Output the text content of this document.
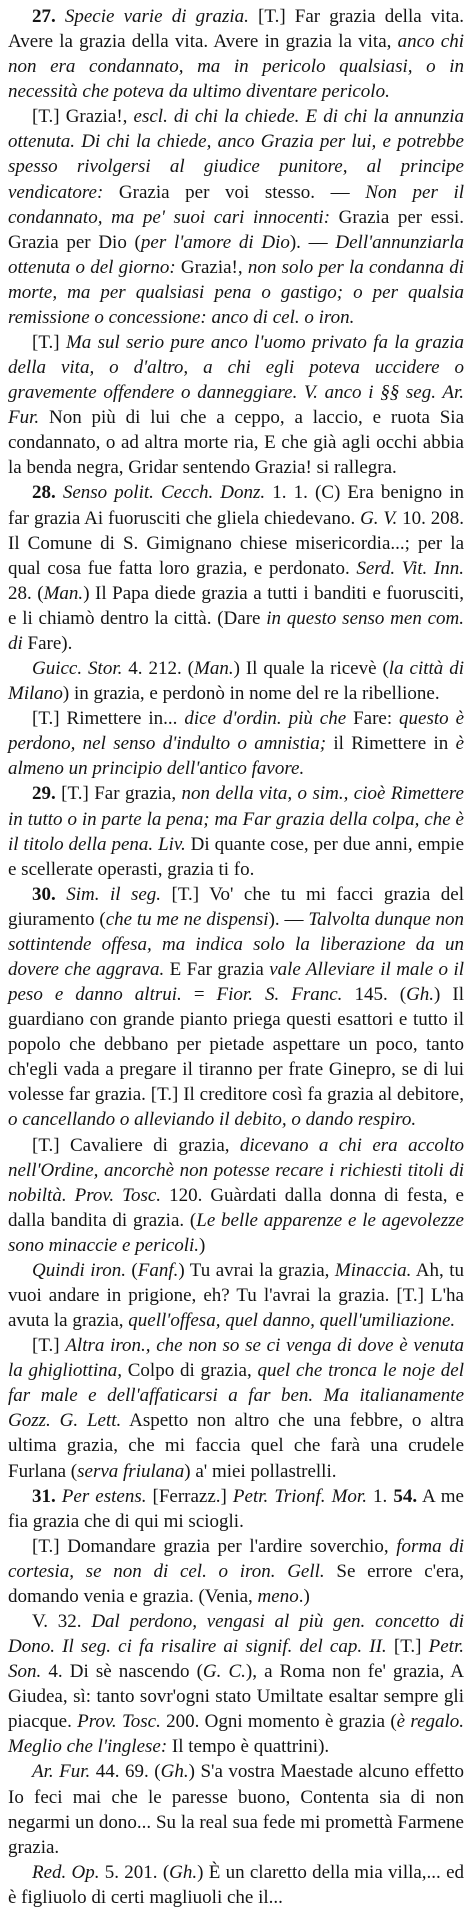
27. Specie varie di grazia. [T.] Far grazia della vita. Avere la grazia della vita. Avere in grazia la vita, anco chi non era condannato, ma in pericolo qualsiasi, o in necessità che poteva da ultimo diventare pericolo.

[T.] Grazia!, escl. di chi la chiede. E di chi la annunzia ottenuta. Di chi la chiede, anco Grazia per lui, e potrebbe spesso rivolgersi al giudice punitore, al principe vendicatore: Grazia per voi stesso. — Non per il condannato, ma pe' suoi cari innocenti: Grazia per essi. Grazia per Dio (per l'amore di Dio). — Dell'annunziarla ottenuta o del giorno: Grazia!, non solo per la condanna di morte, ma per qualsiasi pena o gastigo; o per qualsia remissione o concessione: anco di cel. o iron.

[T.] Ma sul serio pure anco l'uomo privato fa la grazia della vita, o d'altro, a chi egli poteva uccidere o gravemente offendere o danneggiare. V. anco i §§ seg. Ar. Fur. Non più di lui che a ceppo, a laccio, e ruota Sia condannato, o ad altra morte ria, E che già agli occhi abbia la benda negra, Gridar sentendo Grazia! si rallegra.

28. Senso polit. Cecch. Donz. 1. 1. (C) Era benigno in far grazia Ai fuorusciti che gliela chiedevano. G. V. 10. 208. Il Comune di S. Gimignano chiese misericordia...; per la qual cosa fue fatta loro grazia, e perdonato. Serd. Vit. Inn. 28. (Man.) Il Papa diede grazia a tutti i banditi e fuorusciti, e li chiamò dentro la città. (Dare in questo senso men com. di Fare).

Guicc. Stor. 4. 212. (Man.) Il quale la ricevè (la città di Milano) in grazia, e perdonò in nome del re la ribellione.

[T.] Rimettere in... dice d'ordin. più che Fare: questo è perdono, nel senso d'indulto o amnistia; il Rimettere in è almeno un principio dell'antico favore.

29. [T.] Far grazia, non della vita, o sim., cioè Rimettere in tutto o in parte la pena; ma Far grazia della colpa, che è il titolo della pena. Liv. Di quante cose, per due anni, empie e scellerate operasti, grazia ti fo.

30. Sim. il seg. [T.] Vo' che tu mi facci grazia del giuramento (che tu me ne dispensi). — Talvolta dunque non sottintende offesa, ma indica solo la liberazione da un dovere che aggrava. E Far grazia vale Alleviare il male o il peso e danno altrui. = Fior. S. Franc. 145. (Gh.) Il guardiano con grande pianto priega questi esattori e tutto il popolo che debbano per pietade aspettare un poco, tanto ch'egli vada a pregare il tiranno per frate Ginepro, se di lui volesse far grazia. [T.] Il creditore così fa grazia al debitore, o cancellando o alleviando il debito, o dando respiro.

[T.] Cavaliere di grazia, dicevano a chi era accolto nell'Ordine, ancorchè non potesse recare i richiesti titoli di nobiltà. Prov. Tosc. 120. Guàrdati dalla donna di festa, e dalla bandita di grazia. (Le belle apparenze e le agevolezze sono minaccie e pericoli.)

Quindi iron. (Fanf.) Tu avrai la grazia, Minaccia. Ah, tu vuoi andare in prigione, eh? Tu l'avrai la grazia. [T.] L'ha avuta la grazia, quell'offesa, quel danno, quell'umiliazione.

[T.] Altra iron., che non so se ci venga di dove è venuta la ghigliottina, Colpo di grazia, quel che tronca le noje del far male e dell'affaticarsi a far ben. Ma italianamente Gozz. G. Lett. Aspetto non altro che una febbre, o altra ultima grazia, che mi faccia quel che farà una crudele Furlana (serva friulana) a' miei pollastrelli.

31. Per estens. [Ferrazz.] Petr. Trionf. Mor. 1. 54. A me fia grazia che di qui mi sciogli.

[T.] Domandare grazia per l'ardire soverchio, forma di cortesia, se non di cel. o iron. Gell. Se errore c'era, domando venia e grazia. (Venia, meno.)

V. 32. Dal perdono, vengasi al più gen. concetto di Dono. Il seg. ci fa risalire ai signif. del cap. II. [T.] Petr. Son. 4. Di sè nascendo (G. C.), a Roma non fe' grazia, A Giudea, sì: tanto sovr'ogni stato Umiltate esaltar sempre gli piacque. Prov. Tosc. 200. Ogni momento è grazia (è regalo. Meglio che l'inglese: Il tempo è quattrini).

Ar. Fur. 44. 69. (Gh.) S'a vostra Maestade alcuno effetto Io feci mai che le paresse buono, Contenta sia di non negarmi un dono... Su la real sua fede mi promettà Farmene grazia.

Red. Op. 5. 201. (Gh.) È un claretto della mia villa,... ed è figliuolo di certi magliuoli che il...
